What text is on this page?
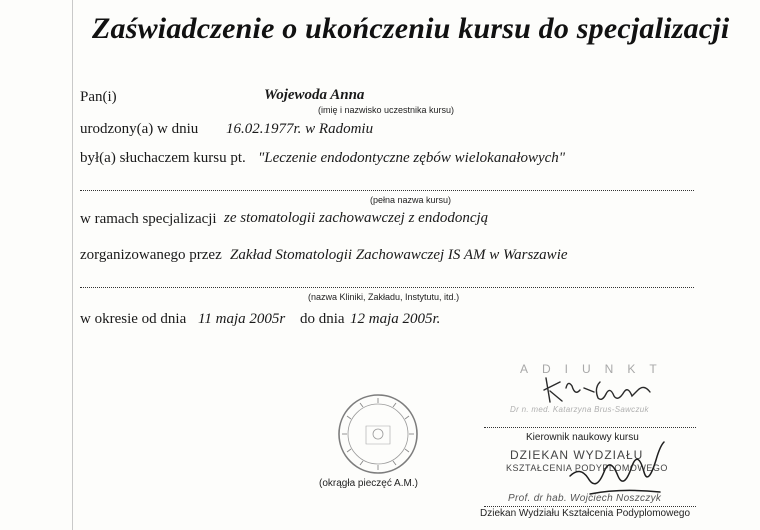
Zaświadczenie o ukończeniu kursu do specjalizacji
Pan(i)	Wojewoda Anna
(imię i nazwisko uczestnika kursu)
urodzony(a) w dniu 16.02.1977r. w Radomiu
był(a) słuchaczem kursu pt. "Leczenie endodontyczne zębów wielokanałowych"
(pełna nazwa kursu)
w ramach specjalizacji ze stomatologii zachowawczej z endodoncją
zorganizowanego przez Zakład Stomatologii Zachowawczej IS AM w Warszawie
(nazwa Kliniki, Zakładu, Instytutu, itd.)
w okresie od dnia 11 maja 2005r do dnia 12 maja 2005r.
(okrągła pieczęć A.M.)
ADIUNKT
Dr n. med. Katarzyna Brus-Sawczuk
Kierownik naukowy kursu
DZIEKAN WYDZIAŁU
KSZTAŁCENIA PODYPLOMOWEGO
Prof. dr hab. Wojciech Noszczyk
Dziekan Wydziału Kształcenia Podyplomowego
